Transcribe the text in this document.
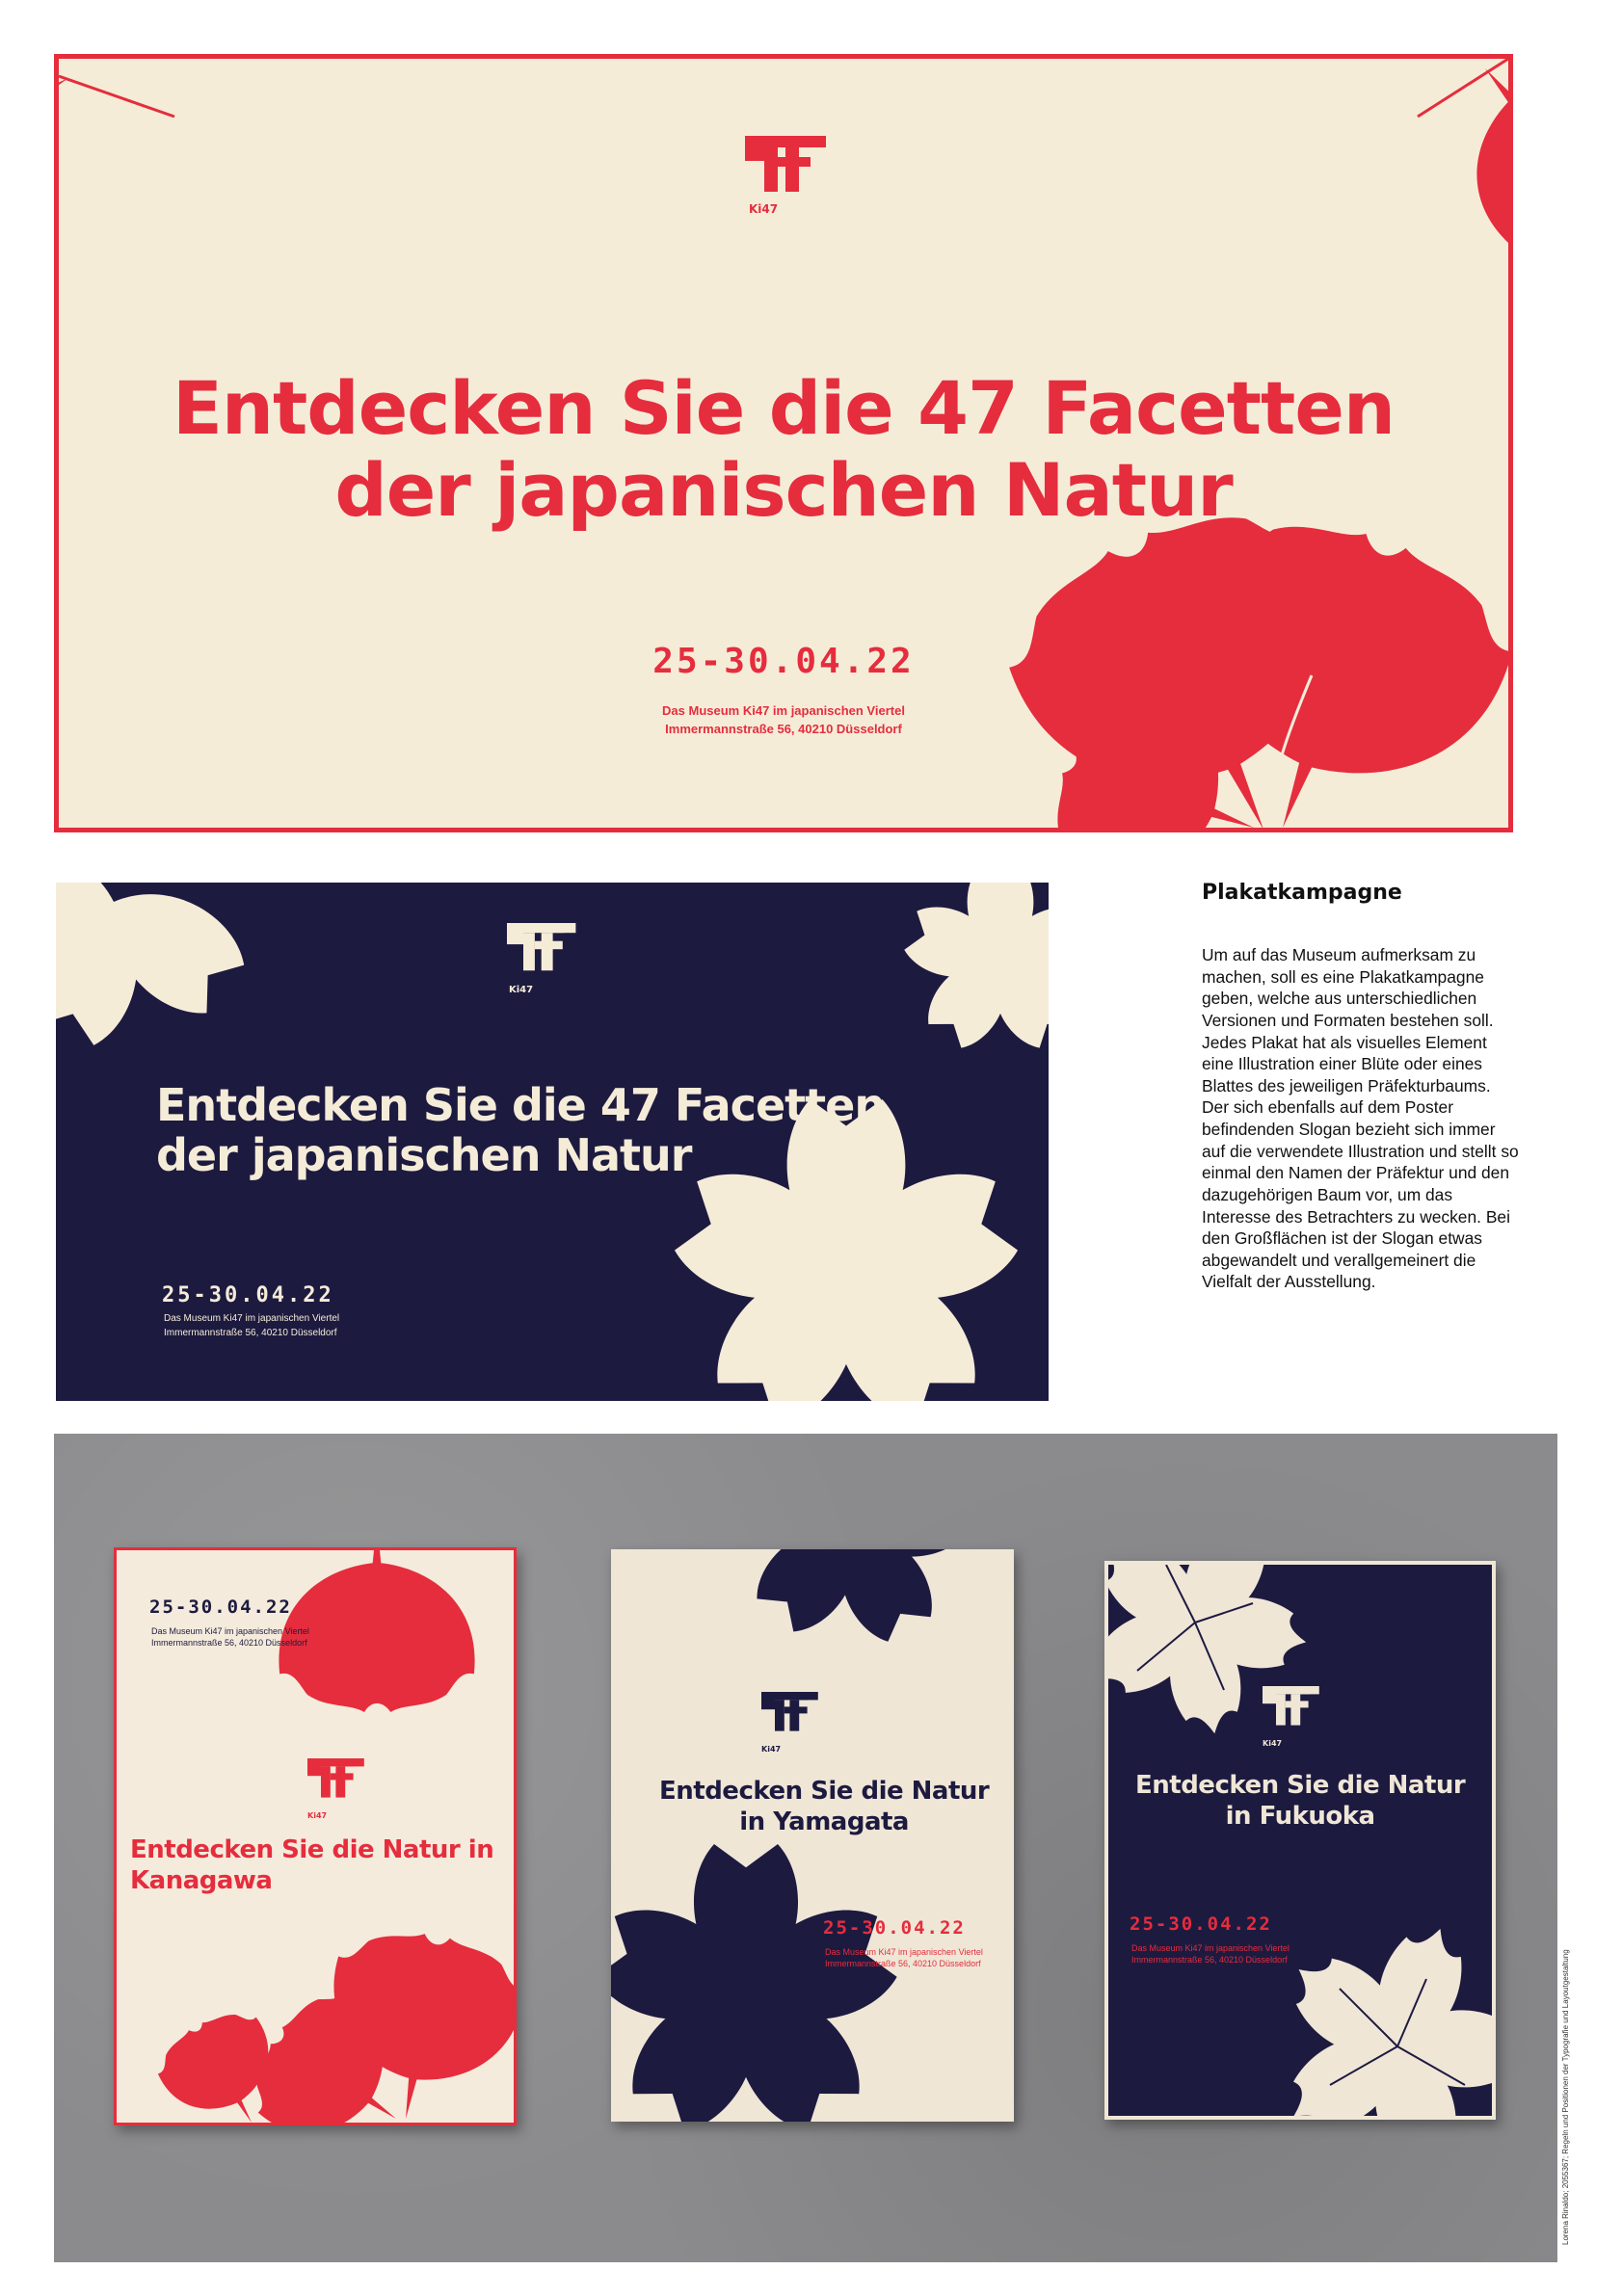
Ki47
Entdecken Sie die 47 Facetten
der japanischen Natur
25-30.04.22
Das Museum Ki47 im japanischen Viertel
Immermannstraße 56, 40210 Düsseldorf
Ki47
Entdecken Sie die 47 Facetten
der japanischen Natur
25-30.04.22
Das Museum Ki47 im japanischen Viertel
Immermannstraße 56, 40210 Düsseldorf
Plakatkampagne
Um auf das Museum aufmerksam zu machen, soll es eine Plakatkampagne geben, welche aus unterschiedlichen Versionen und Formaten bestehen soll. Jedes Plakat hat als visuelles Element eine Illustration einer Blüte oder eines Blattes des jeweiligen Präfekturbaums. Der sich ebenfalls auf dem Poster befindenden Slogan bezieht sich immer auf die verwendete Illustration und stellt so einmal den Namen der Präfektur und den dazugehörigen Baum vor, um das Interesse des Betrachters zu wecken. Bei den Großflächen ist der Slogan etwas abgewandelt und verallgemeinert die Vielfalt der Ausstellung.
25-30.04.22
Das Museum Ki47 im japanischen Viertel
Immermannstraße 56, 40210 Düsseldorf
Ki47
Entdecken Sie die Natur in
Kanagawa
Ki47
Entdecken Sie die Natur
in Yamagata
25-30.04.22
Das Museum Ki47 im japanischen Viertel
Immermannstraße 56, 40210 Düsseldorf
Ki47
Entdecken Sie die Natur
in Fukuoka
25-30.04.22
Das Museum Ki47 im japanischen Viertel
Immermannstraße 56, 40210 Düsseldorf	Lorena Rinaldo; 2055367; Regeln und Positionen der Typografie und Layoutgestaltung
